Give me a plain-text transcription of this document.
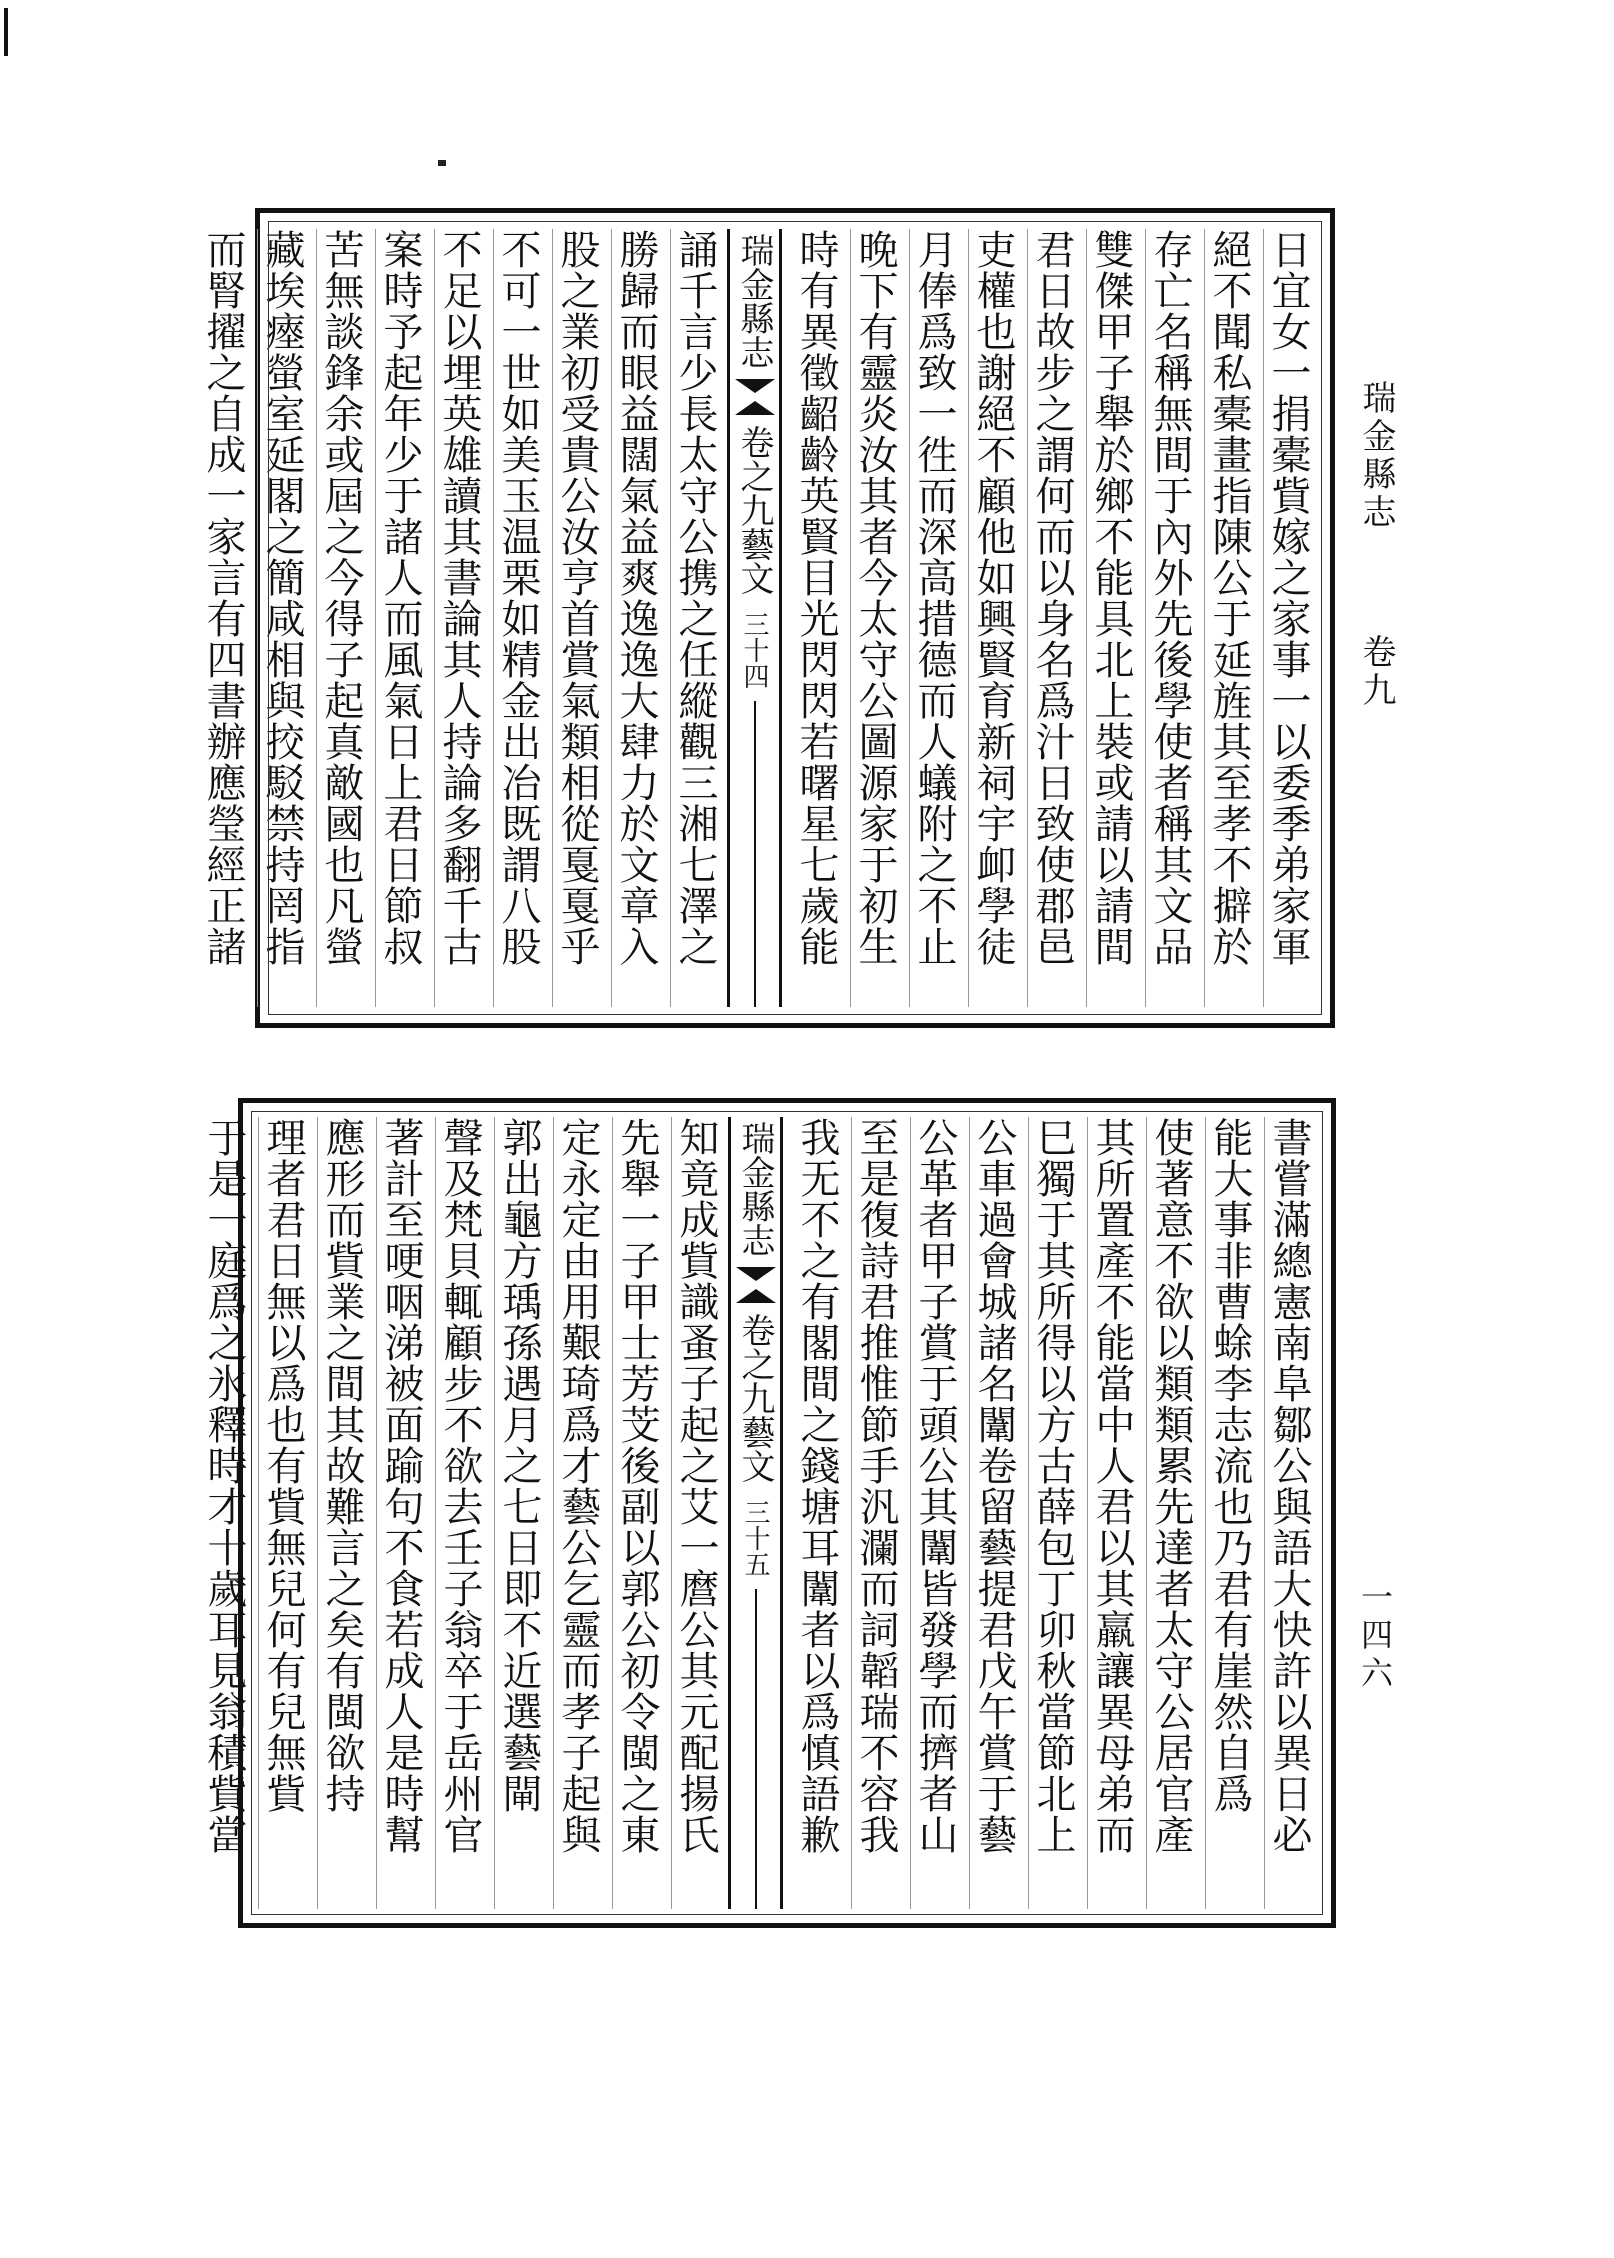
瑞金縣志
卷九
一四六
日宜女一捐橐貲嫁之家事一以委季弟家軍
絕不聞私橐畫指陳公于延旌其至孝不擗於
存亡名稱無間于內外先後學使者稱其文品
雙傑甲子舉於鄉不能具北上裝或請以請間
君日故步之謂何而以身名爲汁日致使郡邑
吏權也謝絕不顧他如興賢育新祠宇卹學徒
月俸爲致一徃而深高措德而人蟻附之不止
晚下有靈炎汝其者今太守公圖源家于初生
時有異徵齠齡英賢目光閃閃若曙星七歲能
瑞金縣志
卷之九
藝文
三十四
誦千言少長太守公携之任縱觀三湘七澤之
勝歸而眼益闊氣益爽逸逸大肆力於文章入
股之業初受貴公汝亨首賞氣類相從戛戛乎
不可一世如美玉温栗如精金出冶既謂八股
不足以埋英雄讀其書論其人持論多翻千古
案時予起年少于諸人而風氣日上君日節叔
苦無談鋒余或屆之今得子起真敵國也凡螢
藏埃瘞螢室延閣之簡咸相與挍駁禁持罔指
而腎擢之自成一家言有四書辦應瑩經正諸
書嘗滿總憲南阜鄒公與語大快許以異日必
能大事非曹蜍李志流也乃君有崖然自爲
使著意不欲以類類累先達者太守公居官產
其所置產不能當中人君以其羸讓異母弟而
巳獨于其所得以方古薛包丁卯秋當節北上
公車過會城諸名闈卷留藝提君戊午賞于藝
公革者甲子賞于頭公其闈皆發學而擠者山
至是復詩君推惟節手汎瀾而詞韜瑞不容我
我无不之有閣間之錢塘耳闈者以爲慎語歉
瑞金縣志
卷之九
藝文
三十五
知竟成貲識蚤子起之艾一麿公其元配揚氏
先舉一子甲士芳芠後副以郭公初令閩之東
定永定由用艱琦爲才藝公乞靈而孝子起與
郭出龜方瑀孫遇月之七日即不近選藝閘
聲及梵貝輒顧步不欲去壬子翁卒于岳州官
著計至哽咽涕被面踰句不食若成人是時幫
應形而貲業之間其故難言之矣有閩欲持
理者君日無以爲也有貲無兒何有兒無貲
于是一庭爲之氷釋時才十歲耳見翁積貲當
